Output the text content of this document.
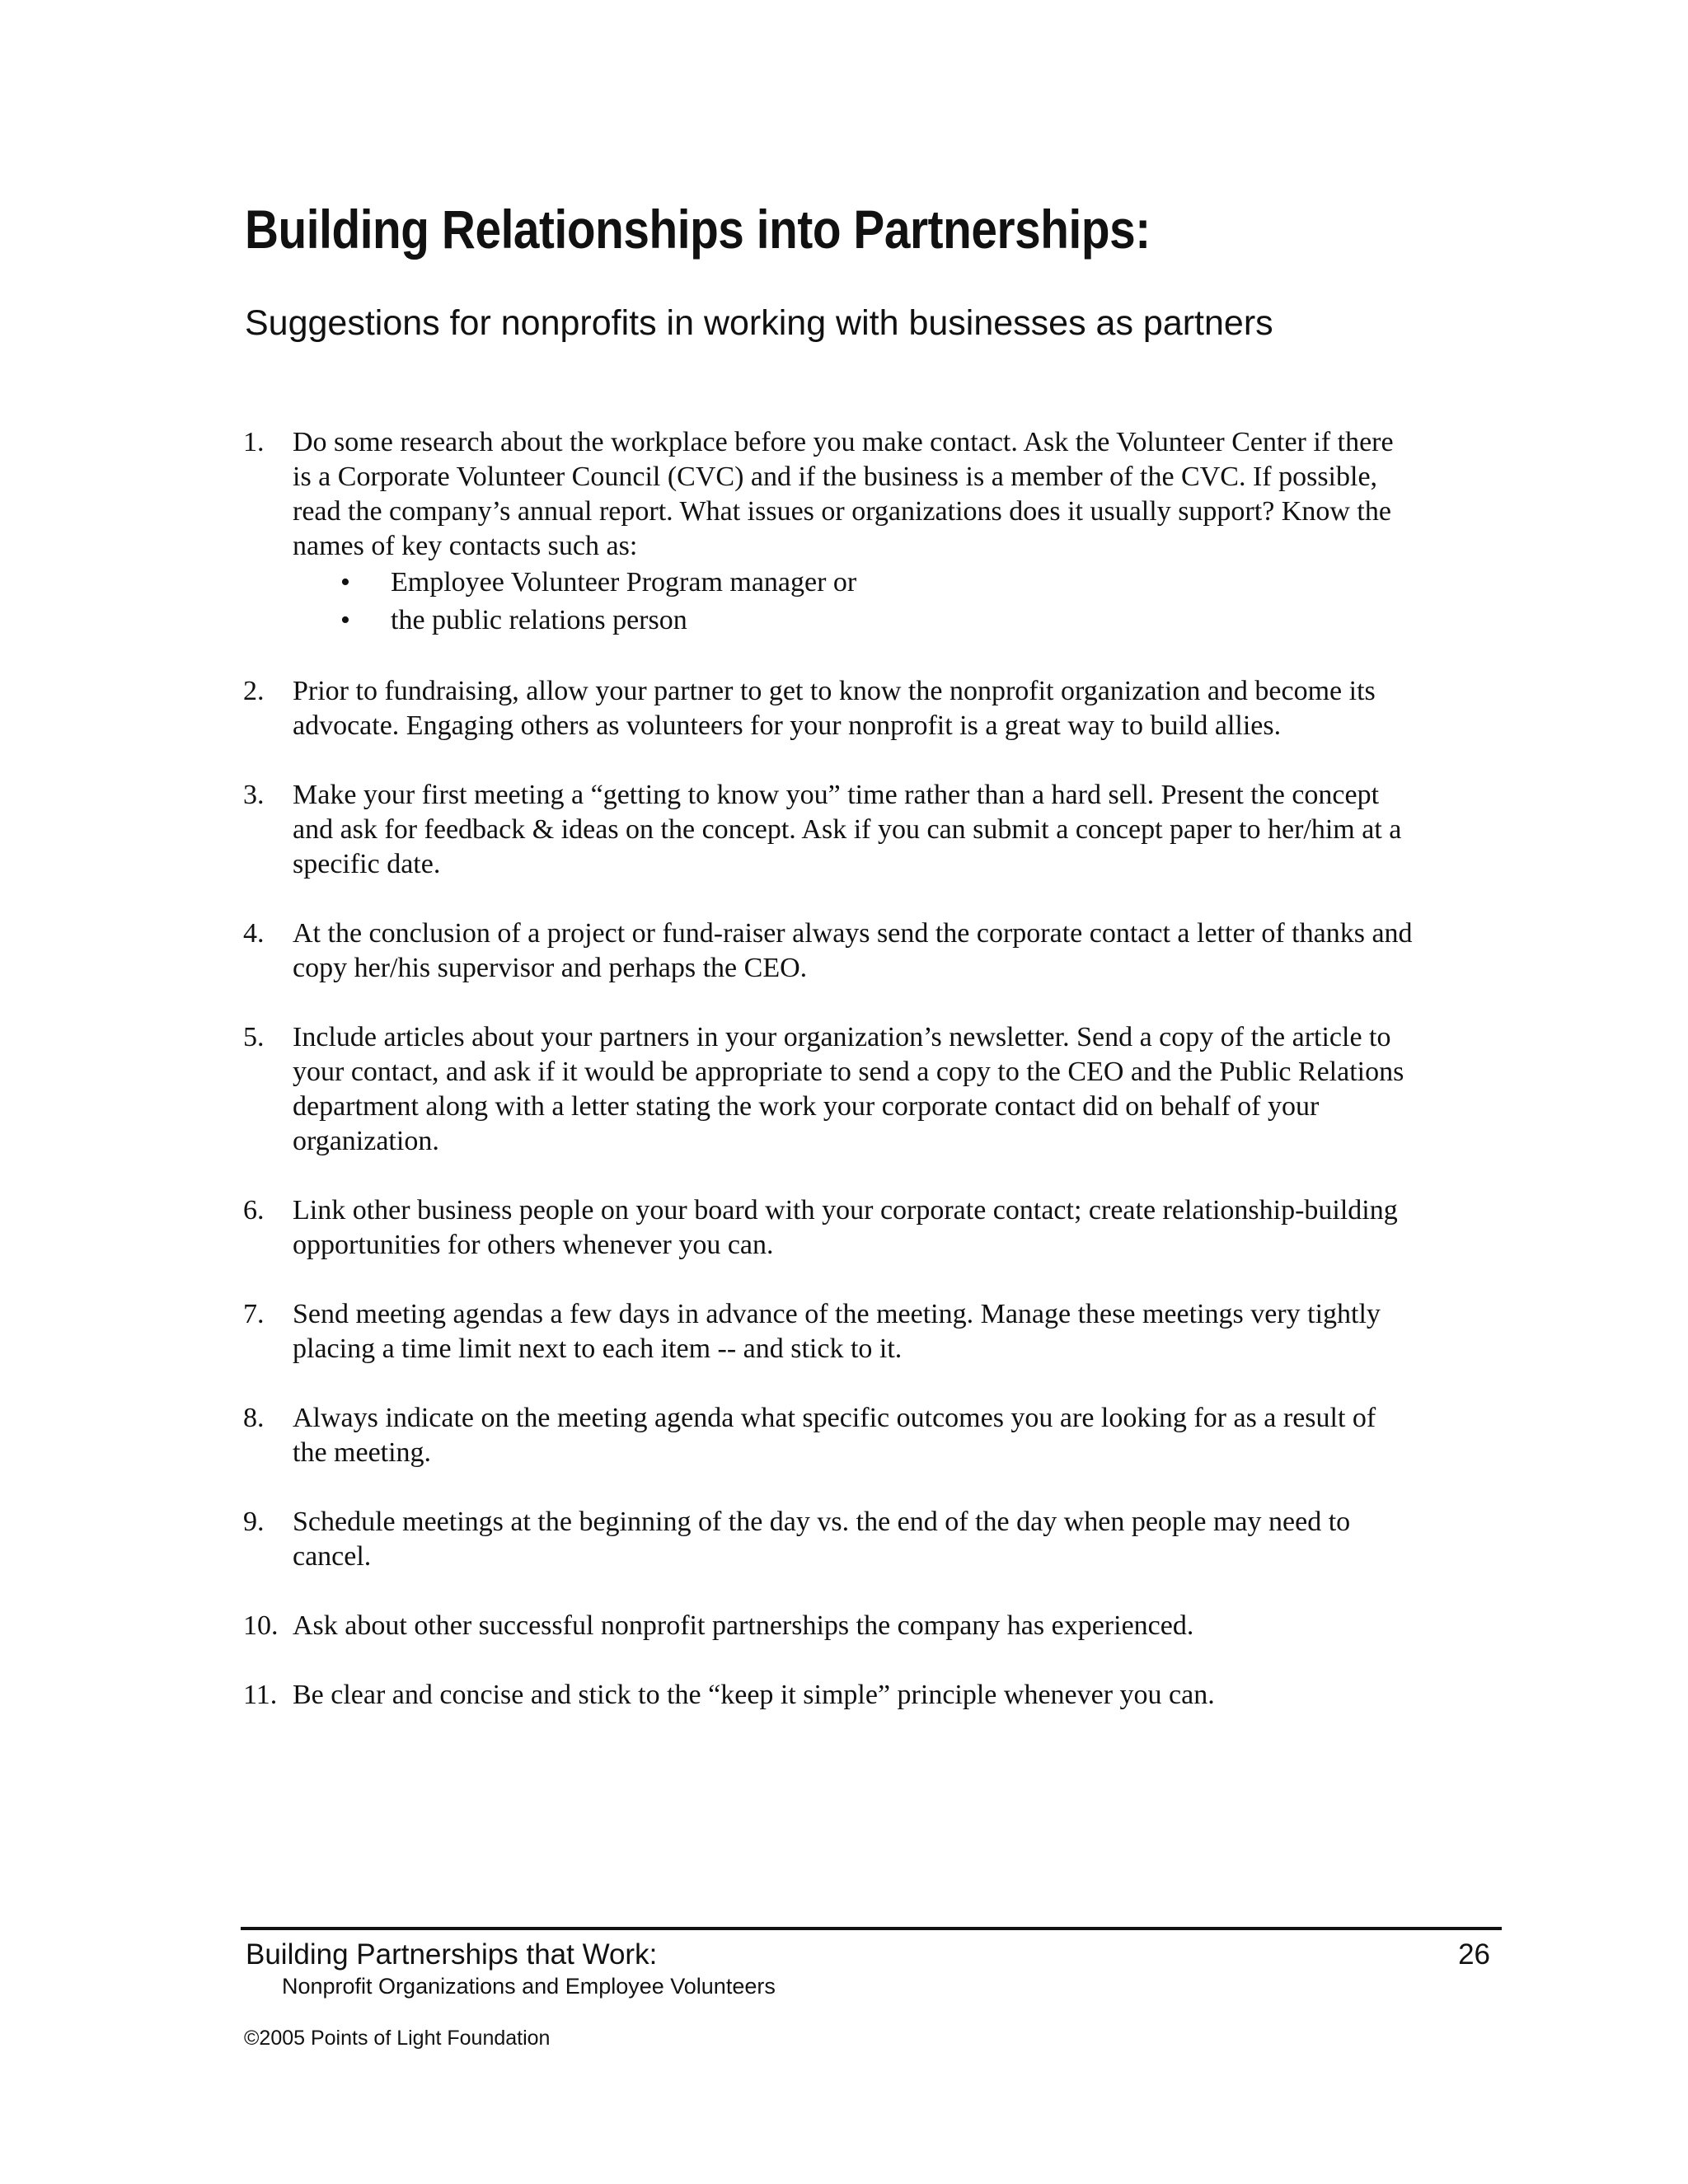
Building Relationships into Partnerships:
Suggestions for nonprofits in working with businesses as partners
1.	Do some research about the workplace before you make contact. Ask the Volunteer Center if there is a Corporate Volunteer Council (CVC) and if the business is a member of the CVC. If possible, read the company’s annual report. What issues or organizations does it usually support? Know the names of key contacts such as:
• Employee Volunteer Program manager or
• the public relations person
2.	Prior to fundraising, allow your partner to get to know the nonprofit organization and become its advocate. Engaging others as volunteers for your nonprofit is a great way to build allies.
3.	Make your first meeting a “getting to know you” time rather than a hard sell. Present the concept and ask for feedback & ideas on the concept. Ask if you can submit a concept paper to her/him at a specific date.
4.	At the conclusion of a project or fund-raiser always send the corporate contact a letter of thanks and copy her/his supervisor and perhaps the CEO.
5.	Include articles about your partners in your organization’s newsletter. Send a copy of the article to your contact, and ask if it would be appropriate to send a copy to the CEO and the Public Relations department along with a letter stating the work your corporate contact did on behalf of your organization.
6.	Link other business people on your board with your corporate contact; create relationship-building opportunities for others whenever you can.
7.	Send meeting agendas a few days in advance of the meeting. Manage these meetings very tightly placing a time limit next to each item -- and stick to it.
8.	Always indicate on the meeting agenda what specific outcomes you are looking for as a result of the meeting.
9.	Schedule meetings at the beginning of the day vs. the end of the day when people may need to cancel.
10. Ask about other successful nonprofit partnerships the company has experienced.
11. Be clear and concise and stick to the “keep it simple” principle whenever you can.
Building Partnerships that Work:
Nonprofit Organizations and Employee Volunteers
26
©2005 Points of Light Foundation
